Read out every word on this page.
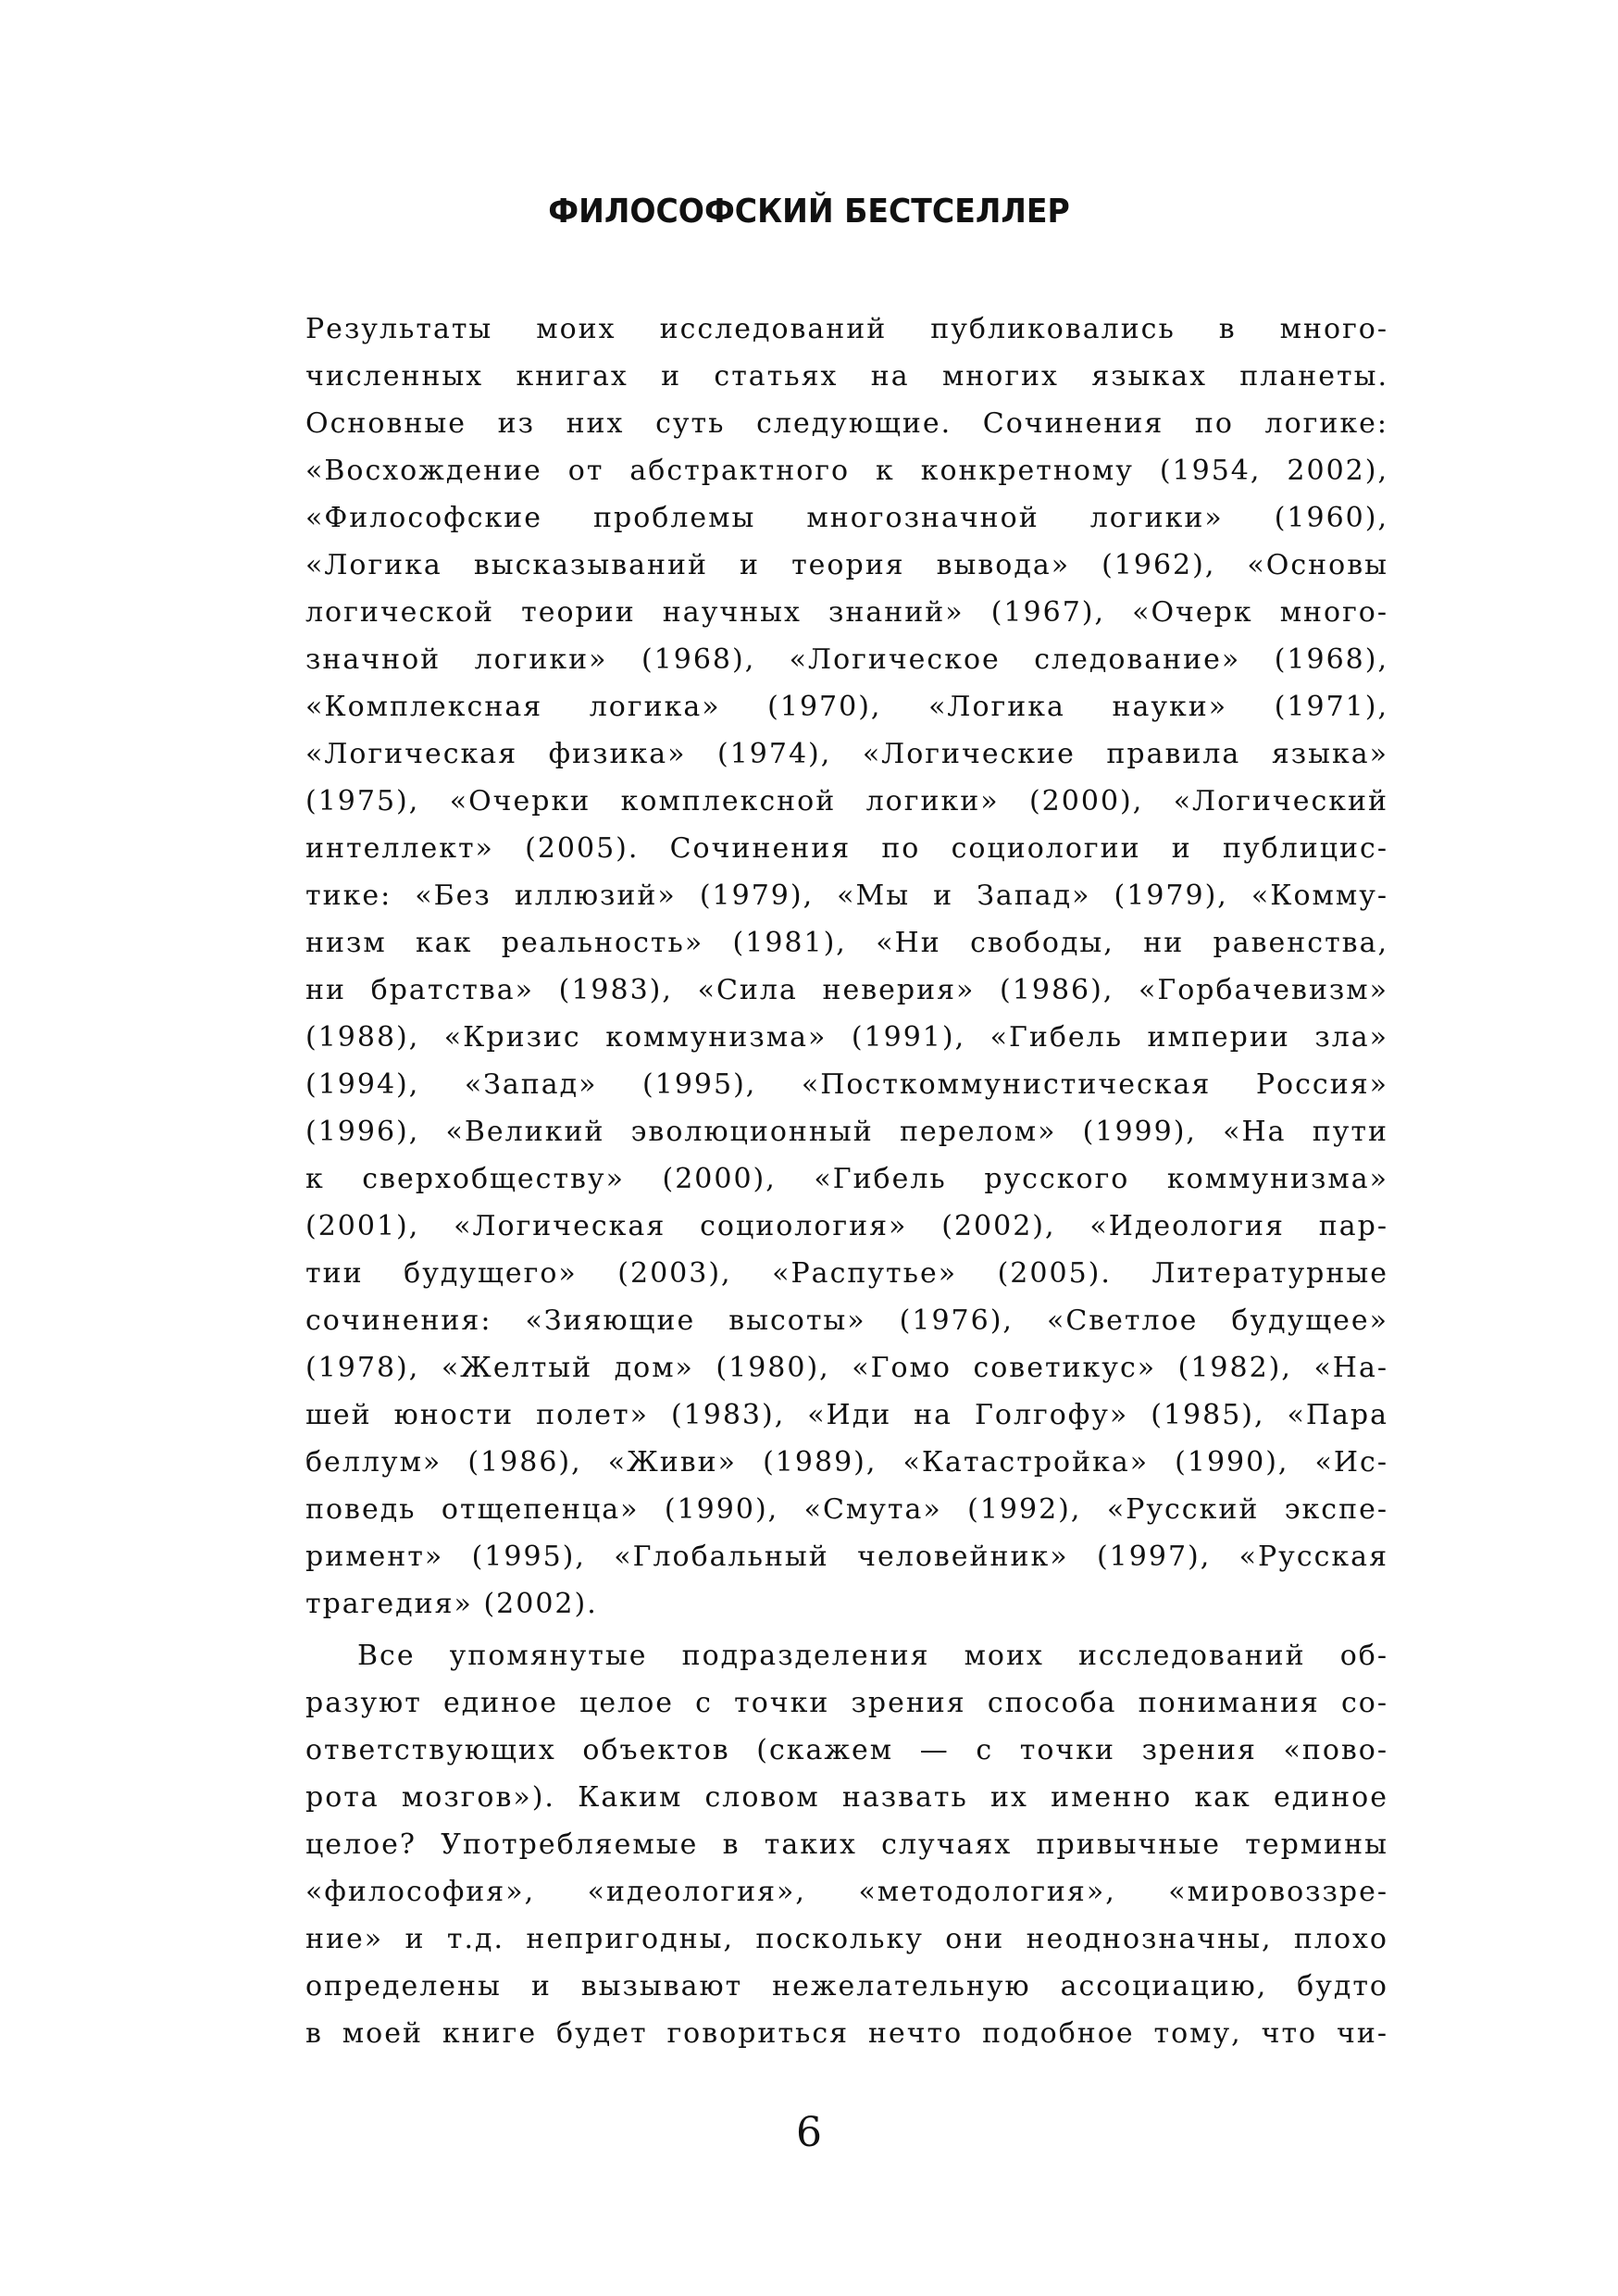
ФИЛОСОФСКИЙ БЕСТСЕЛЛЕР
Результаты моих исследований публиковались в много-
численных книгах и статьях на многих языках планеты.
Основные из них суть следующие. Сочинения по логике:
«Восхождение от абстрактного к конкретному (1954, 2002),
«Философские проблемы многозначной логики» (1960),
«Логика высказываний и теория вывода» (1962), «Основы
логической теории научных знаний» (1967), «Очерк много-
значной логики» (1968), «Логическое следование» (1968),
«Комплексная логика» (1970), «Логика науки» (1971),
«Логическая физика» (1974), «Логические правила языка»
(1975), «Очерки комплексной логики» (2000), «Логический
интеллект» (2005). Сочинения по социологии и публицис-
тике: «Без иллюзий» (1979), «Мы и Запад» (1979), «Комму-
низм как реальность» (1981), «Ни свободы, ни равенства,
ни братства» (1983), «Сила неверия» (1986), «Горбачевизм»
(1988), «Кризис коммунизма» (1991), «Гибель империи зла»
(1994), «Запад» (1995), «Посткоммунистическая Россия»
(1996), «Великий эволюционный перелом» (1999), «На пути
к сверхобществу» (2000), «Гибель русского коммунизма»
(2001), «Логическая социология» (2002), «Идеология пар-
тии будущего» (2003), «Распутье» (2005). Литературные
сочинения: «Зияющие высоты» (1976), «Светлое будущее»
(1978), «Желтый дом» (1980), «Гомо советикус» (1982), «На-
шей юности полет» (1983), «Иди на Голгофу» (1985), «Пара
беллум» (1986), «Живи» (1989), «Катастройка» (1990), «Ис-
поведь отщепенца» (1990), «Смута» (1992), «Русский экспе-
римент» (1995), «Глобальный человейник» (1997), «Русская
трагедия» (2002).
Все упомянутые подразделения моих исследований об-
разуют единое целое с точки зрения способа понимания со-
ответствующих объектов (скажем — с точки зрения «пово-
рота мозгов»). Каким словом назвать их именно как единое
целое? Употребляемые в таких случаях привычные термины
«философия», «идеология», «методология», «мировоззре-
ние» и т.д. непригодны, поскольку они неоднозначны, плохо
определены и вызывают нежелательную ассоциацию, будто
в моей книге будет говориться нечто подобное тому, что чи-
6
